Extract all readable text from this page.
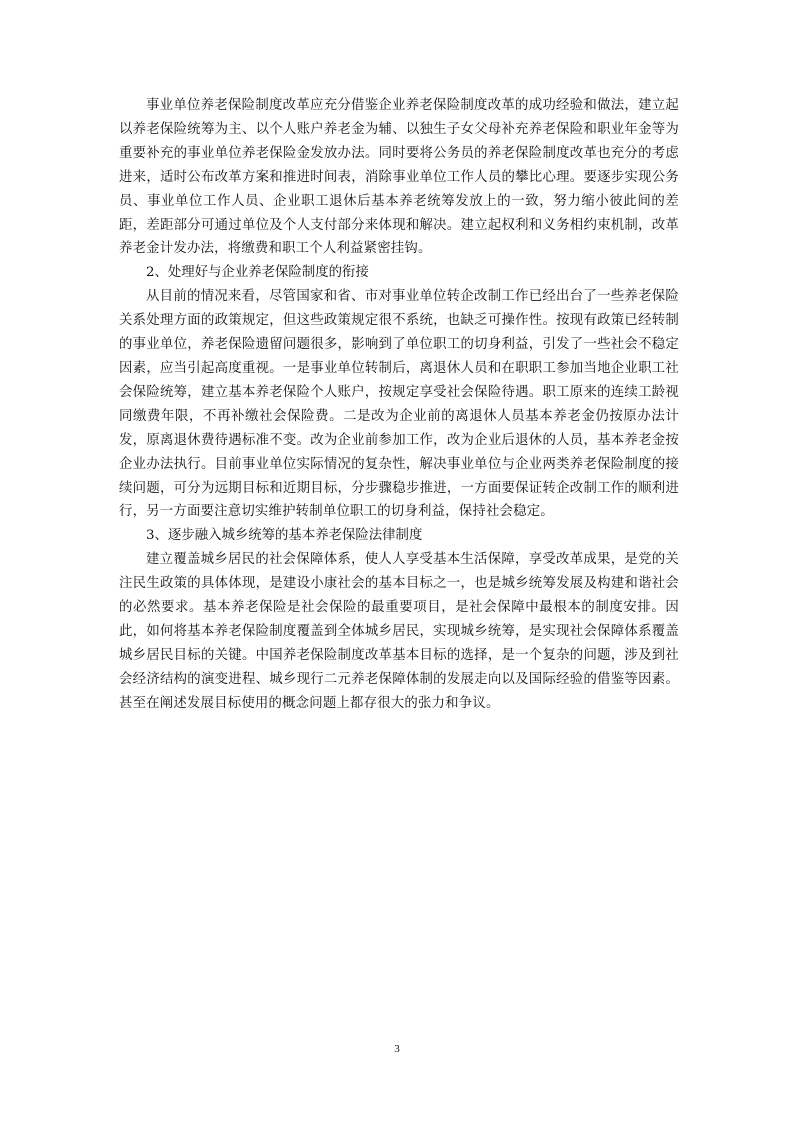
事业单位养老保险制度改革应充分借鉴企业养老保险制度改革的成功经验和做法，建立起以养老保险统筹为主、以个人账户养老金为辅、以独生子女父母补充养老保险和职业年金等为重要补充的事业单位养老保险金发放办法。同时要将公务员的养老保险制度改革也充分的考虑进来，适时公布改革方案和推进时间表，消除事业单位工作人员的攀比心理。要逐步实现公务员、事业单位工作人员、企业职工退休后基本养老统筹发放上的一致，努力缩小彼此间的差距，差距部分可通过单位及个人支付部分来体现和解决。建立起权利和义务相约束机制，改革养老金计发办法，将缴费和职工个人利益紧密挂钩。

2、处理好与企业养老保险制度的衔接

从目前的情况来看，尽管国家和省、市对事业单位转企改制工作已经出台了一些养老保险关系处理方面的政策规定，但这些政策规定很不系统，也缺乏可操作性。按现有政策已经转制的事业单位，养老保险遗留问题很多，影响到了单位职工的切身利益，引发了一些社会不稳定因素，应当引起高度重视。一是事业单位转制后，离退休人员和在职职工参加当地企业职工社会保险统筹，建立基本养老保险个人账户，按规定享受社会保险待遇。职工原来的连续工龄视同缴费年限，不再补缴社会保险费。二是改为企业前的离退休人员基本养老金仍按原办法计发，原离退休费待遇标准不变。改为企业前参加工作，改为企业后退休的人员，基本养老金按企业办法执行。目前事业单位实际情况的复杂性，解决事业单位与企业两类养老保险制度的接续问题，可分为远期目标和近期目标，分步骤稳步推进，一方面要保证转企改制工作的顺利进行，另一方面要注意切实维护转制单位职工的切身利益，保持社会稳定。

3、逐步融入城乡统筹的基本养老保险法律制度

建立覆盖城乡居民的社会保障体系，使人人享受基本生活保障，享受改革成果，是党的关注民生政策的具体体现，是建设小康社会的基本目标之一，也是城乡统筹发展及构建和谐社会的必然要求。基本养老保险是社会保险的最重要项目，是社会保障中最根本的制度安排。因此，如何将基本养老保险制度覆盖到全体城乡居民，实现城乡统筹，是实现社会保障体系覆盖城乡居民目标的关键。中国养老保险制度改革基本目标的选择，是一个复杂的问题，涉及到社会经济结构的演变进程、城乡现行二元养老保障体制的发展走向以及国际经验的借鉴等因素。甚至在阐述发展目标使用的概念问题上都存很大的张力和争议。

3
